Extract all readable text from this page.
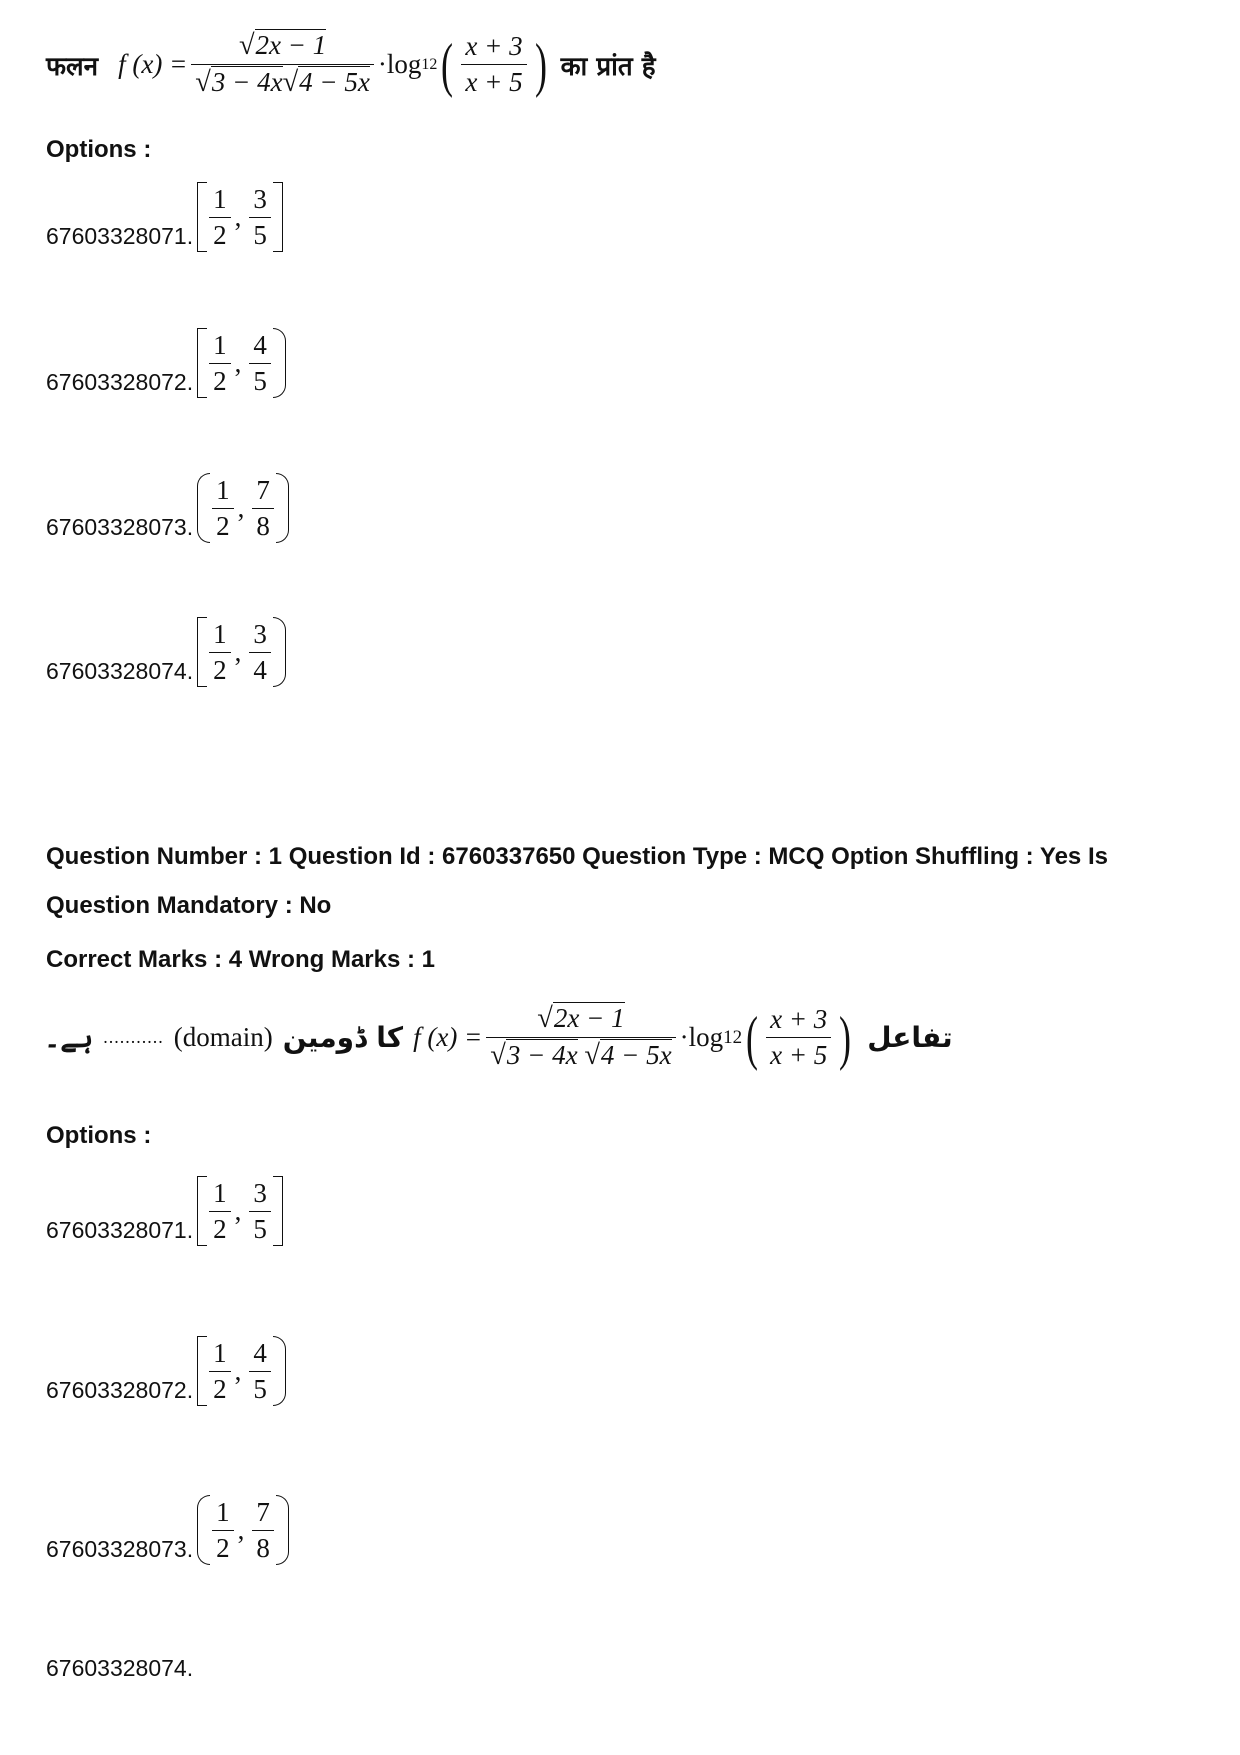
फलन f $(x) = \frac{√2x - 1}{√3 - 4x√4 - 5x} \cdot \log 12$ ( $\frac{x + 3}{x + 5}$ ) का प्रांत है
Options :
67603328071. $\frac{1}{2}$ , $\frac{3}{5}$
67603328072. $\frac{1}{2}$ , $\frac{4}{5}$
67603328073. $\frac{1}{2}$ , $\frac{7}{8}$
67603328074. $\frac{1}{2}$ , $\frac{3}{4}$
Question Number : 1 Question Id : 6760337650 Question Type : MCQ Option Shuffling : Yes Is
Question Mandatory : No
Correct Marks : 4 Wrong Marks : 1
ہے۔ ........... (domain) کا ڈومین f $(x) = \frac{√2x - 1}{√3 - 4x √4 - 5x} \cdot \log 12$ ( $\frac{x + 3}{x + 5}$ ) تفاعل
Options :
67603328071. $\frac{1}{2}$ , $\frac{3}{5}$
67603328072. $\frac{1}{2}$ , $\frac{4}{5}$
67603328073. $\frac{1}{2}$ , $\frac{7}{8}$
67603328074.
